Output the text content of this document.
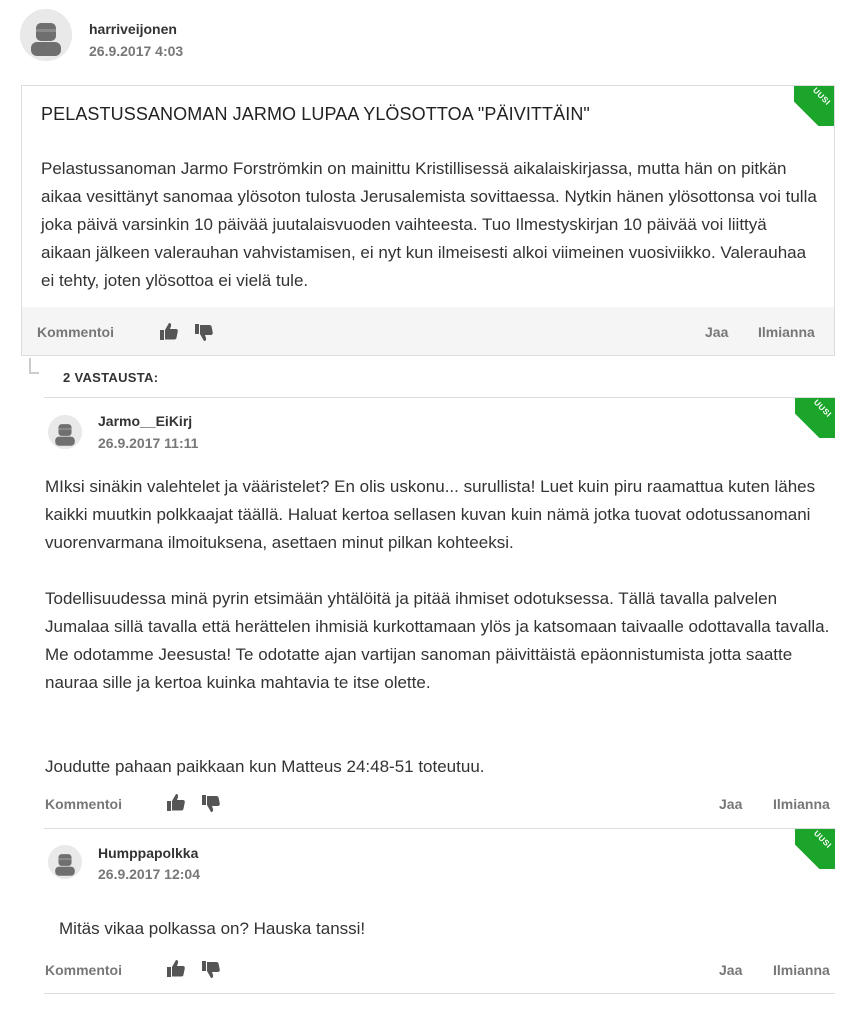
harriveijonen
26.9.2017 4:03
UUSI
PELASTUSSANOMAN JARMO LUPAA YLÖSOTTOA "PÄIVITTÄIN"
Pelastussanoman Jarmo Forströmkin on mainittu Kristillisessä aikalaiskirjassa, mutta hän on pitkän aikaa vesittänyt sanomaa ylösoton tulosta Jerusalemista sovittaessa. Nytkin hänen ylösottonsa voi tulla joka päivä varsinkin 10 päivää juutalaisvuoden vaihteesta. Tuo Ilmestyskirjan 10 päivää voi liittyä aikaan jälkeen valerauhan vahvistamisen, ei nyt kun ilmeisesti alkoi viimeinen vuosiviikko. Valerauhaa ei tehty, joten ylösottoa ei vielä tule.
Kommentoi	Jaa Ilmianna
2 VASTAUSTA:
UUSI
Jarmo__EiKirj
26.9.2017 11:11
MIksi sinäkin valehtelet ja vääristelet? En olis uskonu... surullista! Luet kuin piru raamattua kuten lähes kaikki muutkin polkkaajat täällä. Haluat kertoa sellasen kuvan kuin nämä jotka tuovat odotussanomani vuorenvarmana ilmoituksena, asettaen minut pilkan kohteeksi.
Todellisuudessa minä pyrin etsimään yhtälöitä ja pitää ihmiset odotuksessa. Tällä tavalla palvelen Jumalaa sillä tavalla että herättelen ihmisiä kurkottamaan ylös ja katsomaan taivaalle odottavalla tavalla. Me odotamme Jeesusta! Te odotatte ajan vartijan sanoman päivittäistä epäonnistumista jotta saatte nauraa sille ja kertoa kuinka mahtavia te itse olette.
Joudutte pahaan paikkaan kun Matteus 24:48-51 toteutuu.
Kommentoi	Jaa Ilmianna
UUSI
Humppapolkka
26.9.2017 12:04
Mitäs vikaa polkassa on? Hauska tanssi!
Kommentoi	Jaa Ilmianna
